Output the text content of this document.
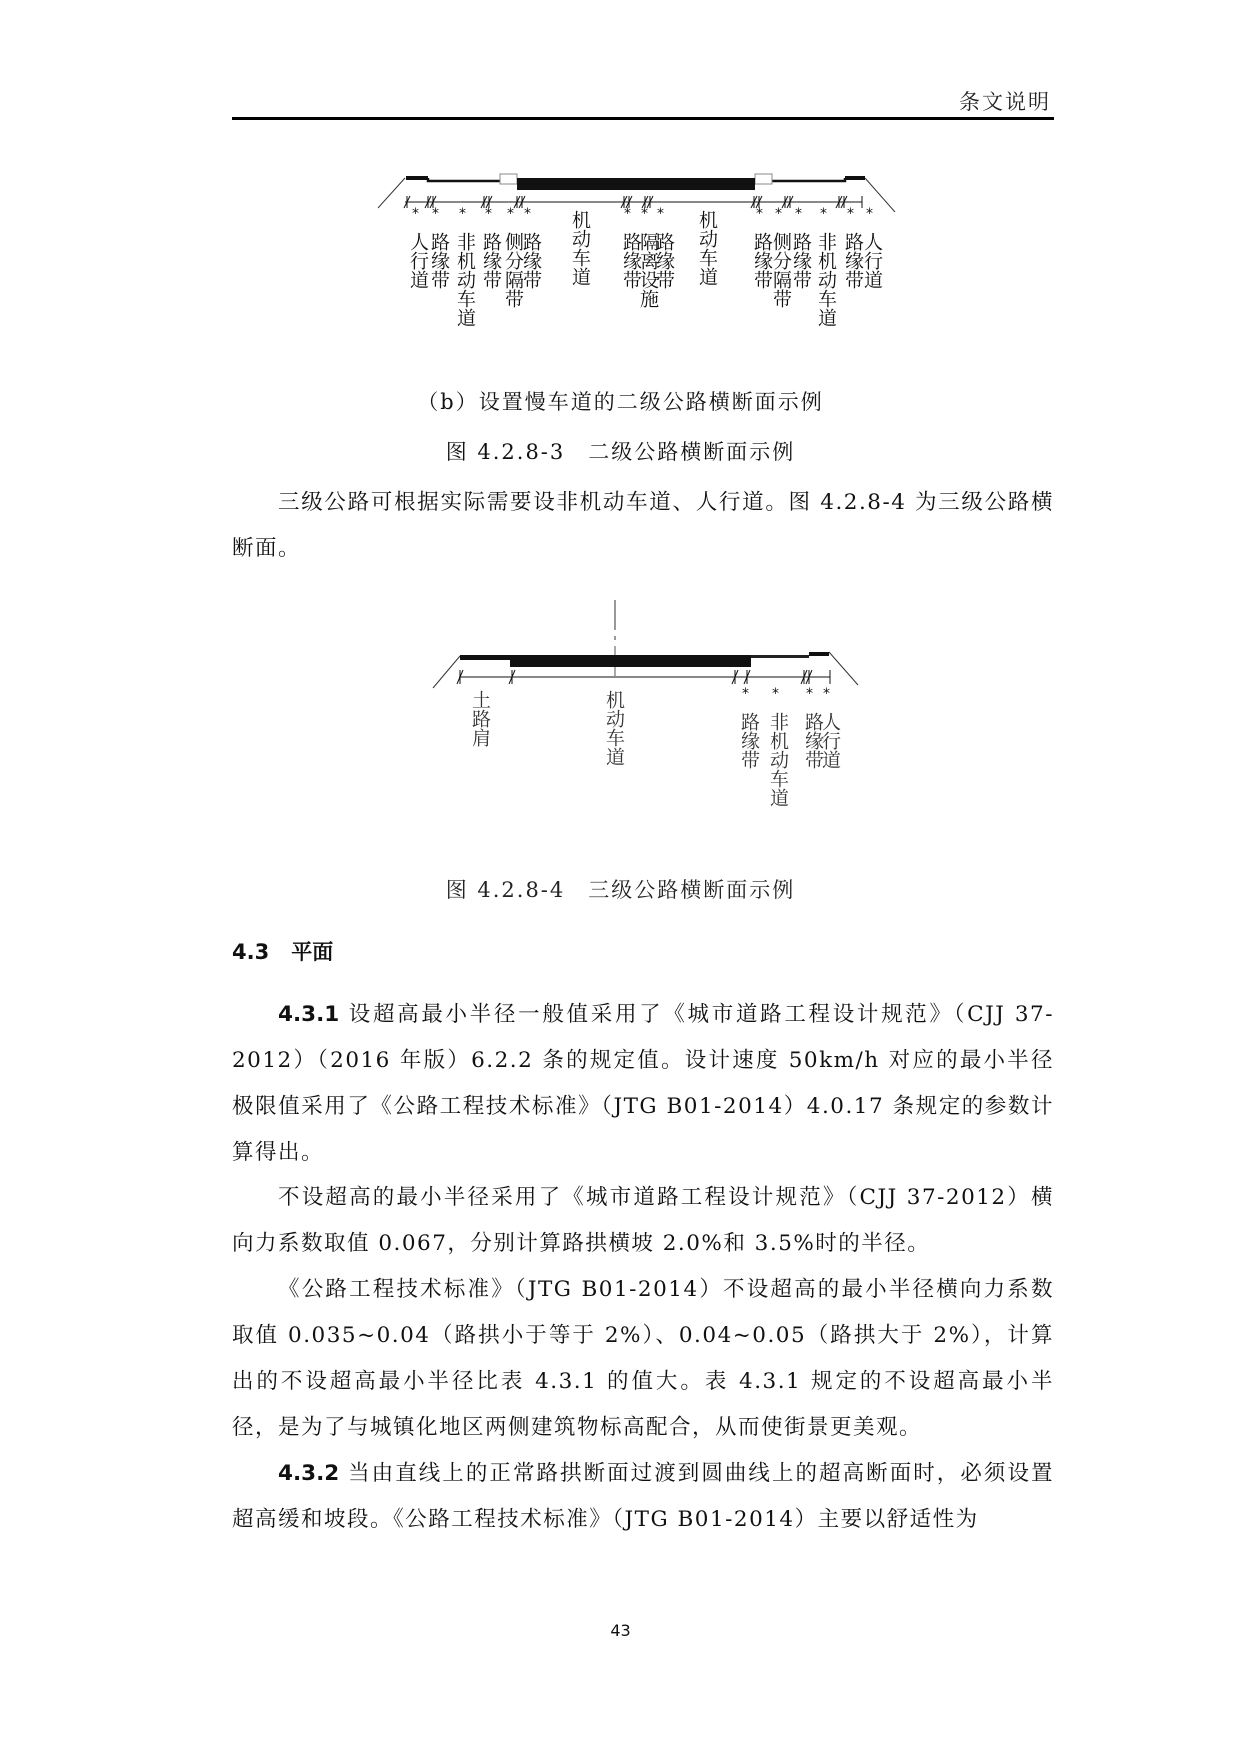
条文说明
*
人行道
*
路缘带
*
非机动车道
*
路缘带
*
侧分隔带
*
路缘带 机动车道 *
路缘带
*
隔离设施
*
路缘带 机动车道	*
路缘带
*
侧分隔带
*
路缘带
*
非机动车道
*
路缘带
*
人行道
（b）设置慢车道的二级公路横断面示例
图 4.2.8-3　二级公路横断面示例
三级公路可根据实际需要设非机动车道、人行道。图 4.2.8-4 为三级公路横断面。
土路肩	机动车道	*
路缘带
*
非机动车道
*
路缘带
*
人行道
图 4.2.8-4　三级公路横断面示例
4.3 平面
4.3.1 设超高最小半径一般值采用了《城市道路工程设计规范》（CJJ 37-2012）（2016 年版）6.2.2 条的规定值。设计速度 50km/h 对应的最小半径极限值采用了《公路工程技术标准》（JTG B01-2014）4.0.17 条规定的参数计算得出。
不设超高的最小半径采用了《城市道路工程设计规范》（CJJ 37-2012）横向力系数取值 0.067，分别计算路拱横坡 2.0%和 3.5%时的半径。
《公路工程技术标准》（JTG B01-2014）不设超高的最小半径横向力系数取值 0.035~0.04（路拱小于等于 2%）、0.04~0.05（路拱大于 2%），计算出的不设超高最小半径比表 4.3.1 的值大。表 4.3.1 规定的不设超高最小半径，是为了与城镇化地区两侧建筑物标高配合，从而使街景更美观。
4.3.2 当由直线上的正常路拱断面过渡到圆曲线上的超高断面时，必须设置超高缓和坡段。《公路工程技术标准》（JTG B01-2014）主要以舒适性为
43
